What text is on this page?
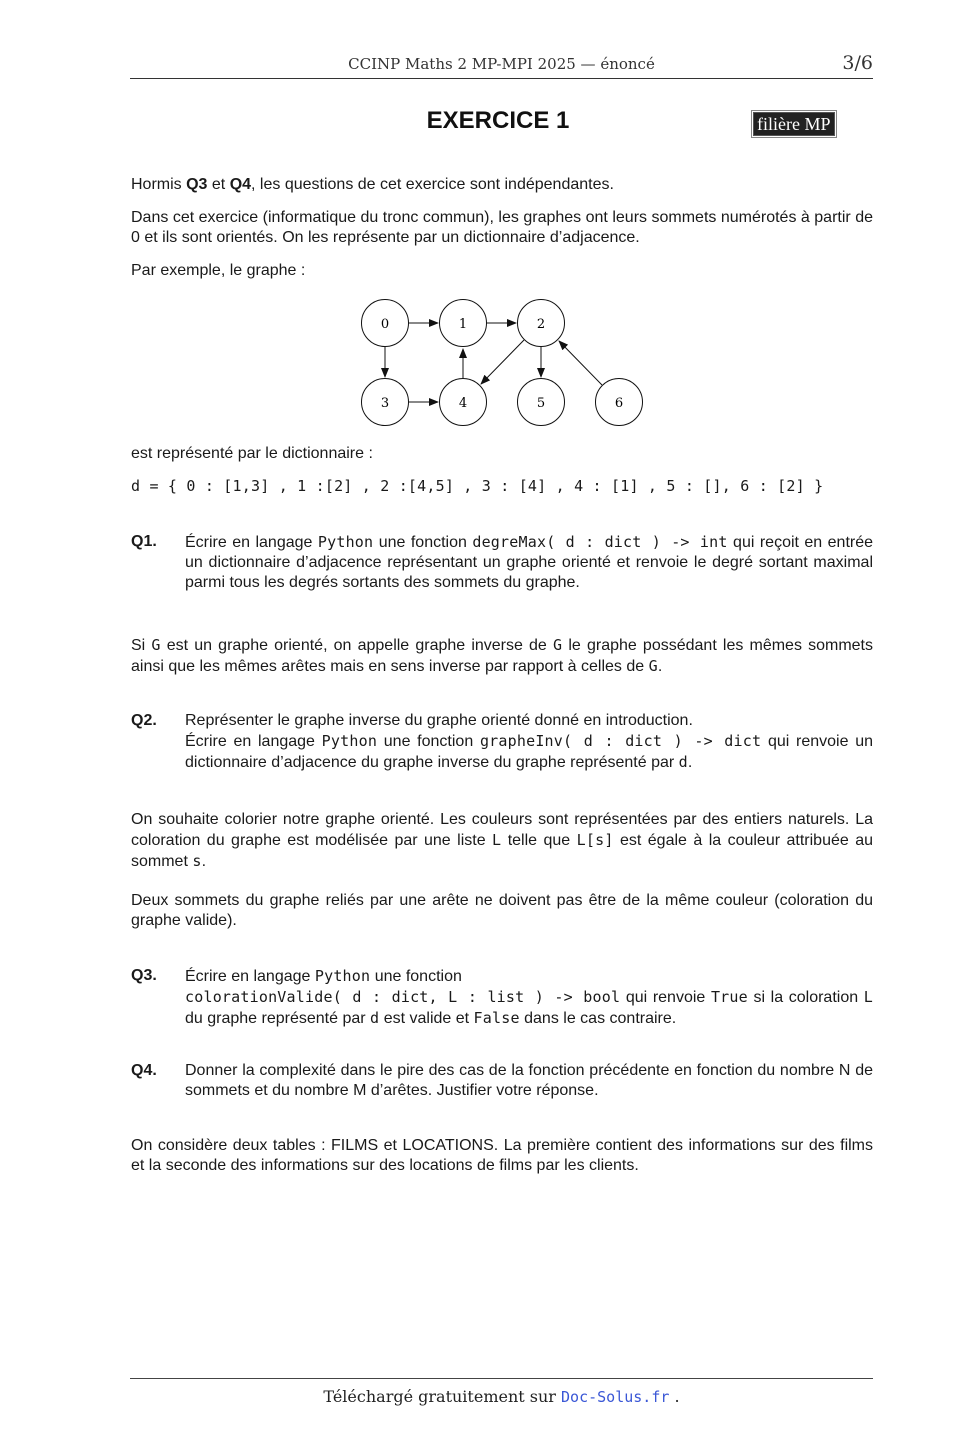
CCINP Maths 2 MP-MPI 2025 — énoncé	3/6
EXERCICE 1	filière MP
Hormis Q3 et Q4, les questions de cet exercice sont indépendantes.
Dans cet exercice (informatique du tronc commun), les graphes ont leurs sommets numérotés à partir de 0 et ils sont orientés. On les représente par un dictionnaire d’adjacence.
Par exemple, le graphe :
0	1	2
3	4	5	6
est représenté par le dictionnaire :
d = { 0 : [1,3] , 1 :[2] , 2 :[4,5] , 3 : [4] , 4 : [1] , 5 : [], 6 : [2] }
Q1. Écrire en langage Python une fonction degreMax( d : dict ) -> int qui reçoit en entrée un dictionnaire d’adjacence représentant un graphe orienté et renvoie le degré sortant maximal parmi tous les degrés sortants des sommets du graphe.
Si G est un graphe orienté, on appelle graphe inverse de G le graphe possédant les mêmes sommets ainsi que les mêmes arêtes mais en sens inverse par rapport à celles de G.
Q2. Représenter le graphe inverse du graphe orienté donné en introduction.
Écrire en langage Python une fonction grapheInv( d : dict ) -> dict qui renvoie un dictionnaire d’adjacence du graphe inverse du graphe représenté par d.
On souhaite colorier notre graphe orienté. Les couleurs sont représentées par des entiers naturels. La coloration du graphe est modélisée par une liste L telle que L[s] est égale à la couleur attribuée au sommet s.
Deux sommets du graphe reliés par une arête ne doivent pas être de la même couleur (coloration du graphe valide).
Q3. Écrire en langage Python une fonction
colorationValide( d : dict, L : list ) -> bool qui renvoie True si la coloration L du graphe représenté par d est valide et False dans le cas contraire.
Q4. Donner la complexité dans le pire des cas de la fonction précédente en fonction du nombre N de sommets et du nombre M d’arêtes. Justifier votre réponse.
On considère deux tables : FILMS et LOCATIONS. La première contient des informations sur des films et la seconde des informations sur des locations de films par les clients.
Téléchargé gratuitement sur Doc-Solus.fr .
